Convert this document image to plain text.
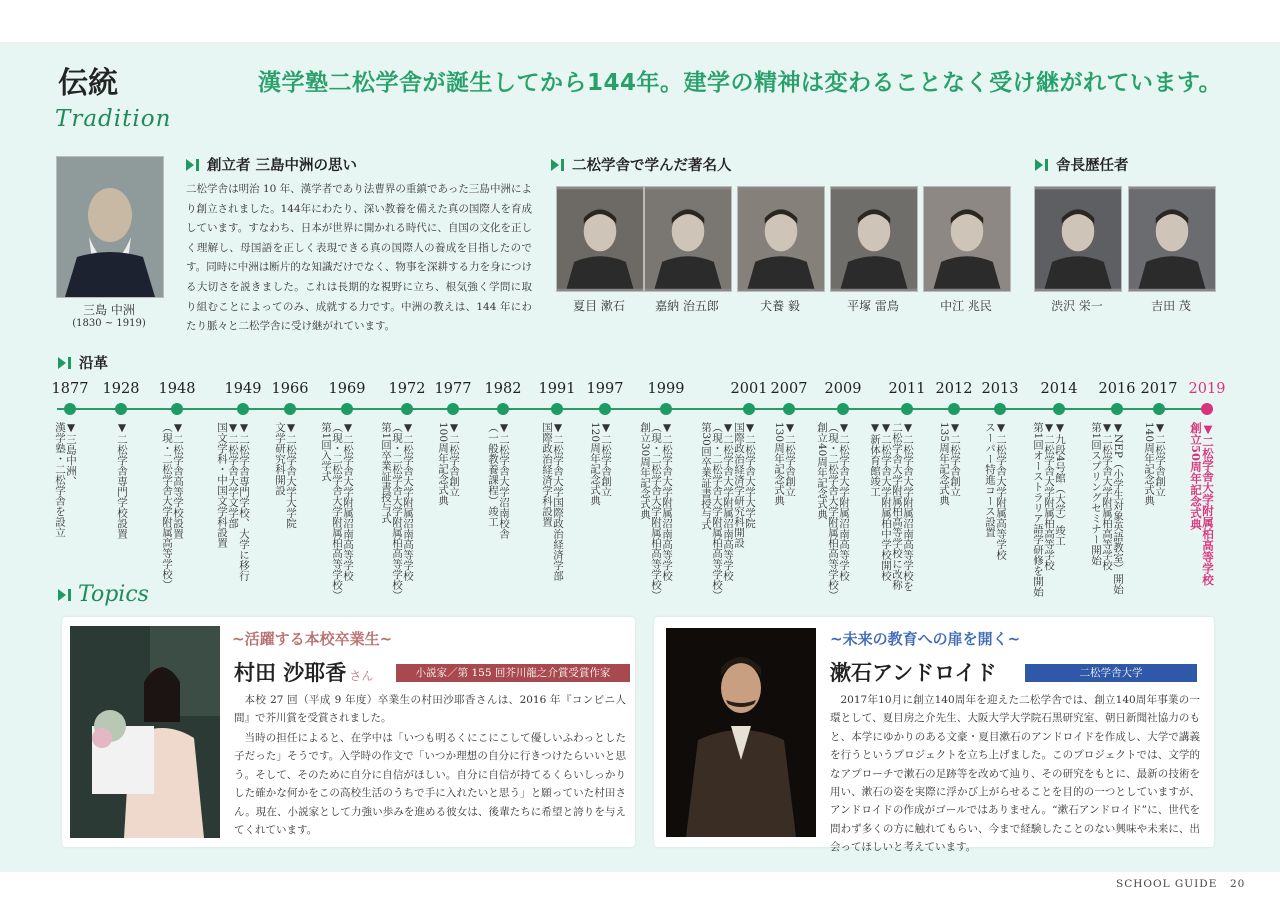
伝統
Tradition
漢学塾二松学舎が誕生してから144年。建学の精神は変わることなく受け継がれています。
三島 中洲
(1830 ~ 1919)
創立者 三島中洲の思い
二松学舎は明治 10 年、漢学者であり法曹界の重鎮であった三島中洲により創立されました。144年にわたり、深い教養を備えた真の国際人を育成しています。すなわち、日本が世界に開かれる時代に、自国の文化を正しく理解し、母国語を正しく表現できる真の国際人の養成を目指したのです。同時に中洲は断片的な知識だけでなく、物事を深耕する力を身につける大切さを説きました。これは長期的な視野に立ち、根気強く学問に取り組むことによってのみ、成就する力です。中洲の教えは、144 年にわたり脈々と二松学舎に受け継がれています。
二松学舎で学んだ著名人
夏目 漱石	嘉納 治五郎	犬養 毅	平塚 雷鳥	中江 兆民
舎長歴任者
渋沢 栄一	吉田 茂
沿革
1877
▼三島中洲、
漢学塾・二松学舎を設立
1928
▼二松学舎専門学校設置
1948
▼二松学舎高等学校設置
（現・二松学舎大学附属高等学校）
1949
▼二松学舎専門学校、大学に移行
▼二松学舎大学文学部
国文学科・中国文学科設置
1966
▼二松学舎大学大学院
文学研究科開設
1969
▼二松学舎大学附属沼南高等学校
（現・二松学舎大学附属柏高等学校）
第1回入学式
1972
▼二松学舎大学附属沼南高等学校
（現・二松学舎大学附属柏高等学校）
第1回卒業証書授与式
1977
▼二松学舎創立
100周年記念式典
1982
▼二松学舎大学沼南校舎
（一般教養課程）竣工
1991
▼二松学舎大学国際政治経済学部
国際政治経済学科設置
1997
▼二松学舎創立
120周年記念式典
1999
▼二松学舎大学附属沼南高等学校
（現・二松学舎大学附属柏高等学校）
創立30周年記念式典
2001
▼二松学舎大学大学院
国際政治経済学研究科開設
▼二松学舎大学附属沼南高等学校
（現・二松学舎大学附属柏高等学校）
第30回卒業証書授与式
2007
▼二松学舎創立
130周年記念式典
2009
▼二松学舎大学附属沼南高等学校
（現・二松学舎大学附属柏高等学校）
創立40周年記念式典
2011
▼二松学舎大学附属沼南高等学校を
二松学舎大学附属柏高等学校に改称
▼二松学舎大学附属柏中学校開校
▼新体育館竣工
2012
▼二松学舎創立
135周年記念式典
2013
▼二松学舎大学附属高等学校
スーパー特進コース設置
2014
▼九段4号館（大学）竣工
▼二松学舎大学附属柏高等学校
第1回オーストラリア語学研修を開始
2016
▼NEP（小学生対象英語教室）開始
▼二松学舎大学附属柏高等学校
第1回スプリングセミナー開始
2017
▼二松学舎創立
140周年記念式典
2019
▼二松学舎大学附属柏高等学校
創立50周年記念式典
Topics
~活躍する本校卒業生~
村田 沙耶香 さん	小説家／第 155 回芥川龍之介賞受賞作家
本校 27 回（平成 9 年度）卒業生の村田沙耶香さんは、2016 年『コンビニ人間』で芥川賞を受賞されました。
当時の担任によると、在学中は「いつも明るくにこにこして優しいふわっとした子だった」そうです。入学時の作文で「いつか理想の自分に行きつけたらいいと思う。そして、そのために自分に自信がほしい。自分に自信が持てるくらいしっかりした確かな何かをこの高校生活のうちで手に入れたいと思う」と願っていた村田さん。現在、小説家として力強い歩みを進める彼女は、後輩たちに希望と誇りを与えてくれています。
~未来の教育への扉を開く~
漱石アンドロイド	二松学舎大学
2017年10月に創立140周年を迎えた二松学舎では、創立140周年事業の一環として、夏目房之介先生、大阪大学大学院石黒研究室、朝日新聞社協力のもと、本学にゆかりのある文豪・夏目漱石のアンドロイドを作成し、大学で講義を行うというプロジェクトを立ち上げました。このプロジェクトでは、文学的なアプローチで漱石の足跡等を改めて辿り、その研究をもとに、最新の技術を用い、漱石の姿を実際に浮かび上がらせることを目的の一つとしていますが、アンドロイドの作成がゴールではありません。“漱石アンドロイド”に、世代を問わず多くの方に触れてもらい、今まで経験したことのない興味や未来に、出会ってほしいと考えています。
SCHOOL GUIDE 20
